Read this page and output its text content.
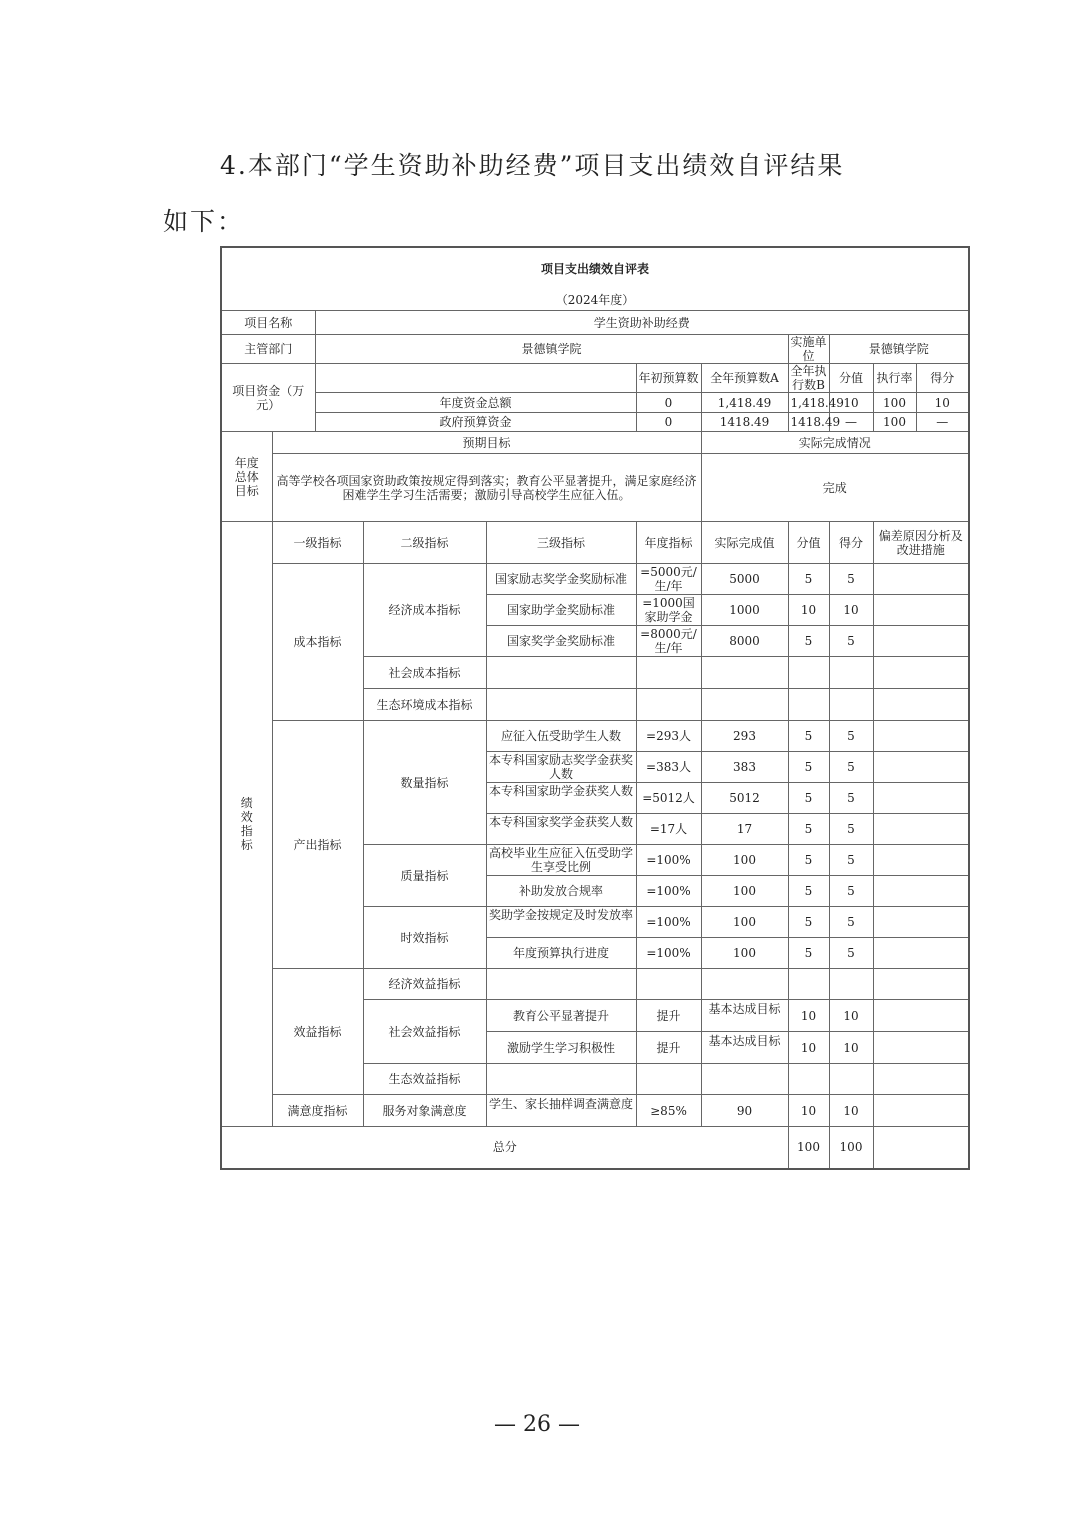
4.本部门“学生资助补助经费”项目支出绩效自评结果
如下：
项目支出绩效自评表										
（2024年度）										
项目名称		学生资助补助经费								
主管部门		景德镇学院					实施单位	景德镇学院		
项目资金（万元）					年初预算数	全年预算数A	全年执行数B	分值	执行率	得分
		年度资金总额			0	1,418.49	1,418.49	10	100	10
		政府预算资金			0	1418.49	1418.49	—	100	—
年度总体目标	预期目标					实际完成情况				
	高等学校各项国家资助政策按规定得到落实；教育公平显著提升，满足家庭经济困难学生学习生活需要；激励引导高校学生应征入伍。					完成				
绩效指标	一级指标		二级指标	三级指标	年度指标	实际完成值	分值	得分	偏差原因分析及改进措施	
	成本指标		经济成本指标	国家励志奖学金奖励标准	=5000元/生/年	5000	5	5		
				国家助学金奖励标准	=1000国家助学金	1000	10	10		
				国家奖学金奖励标准	=8000元/生/年	8000	5	5		
			社会成本指标							
			生态环境成本指标							
	产出指标		数量指标	应征入伍受助学生人数	=293人	293	5	5		

				本专科国家励志奖学金获奖人数	=383人	383	5	5		

				本专科国家助学金获奖人数	=5012人	5012	5	5		

				本专科国家奖学金获奖人数	=17人	17	5	5		
			质量指标	高校毕业生应征入伍受助学生享受比例	=100%	100	5	5		
				补助发放合规率	=100%	100	5	5		
			时效指标	奖助学金按规定及时发放率	=100%	100	5	5		
				年度预算执行进度	=100%	100	5	5		
	效益指标		经济效益指标							
			社会效益指标	教育公平显著提升	提升	基本达成目标	10	10		
				激励学生学习积极性	提升	基本达成目标	10	10		
			生态效益指标							
	满意度指标		服务对象满意度	学生、家长抽样调查满意度	≥85%	90	10	10		
总分							100	100		
— 26 —
